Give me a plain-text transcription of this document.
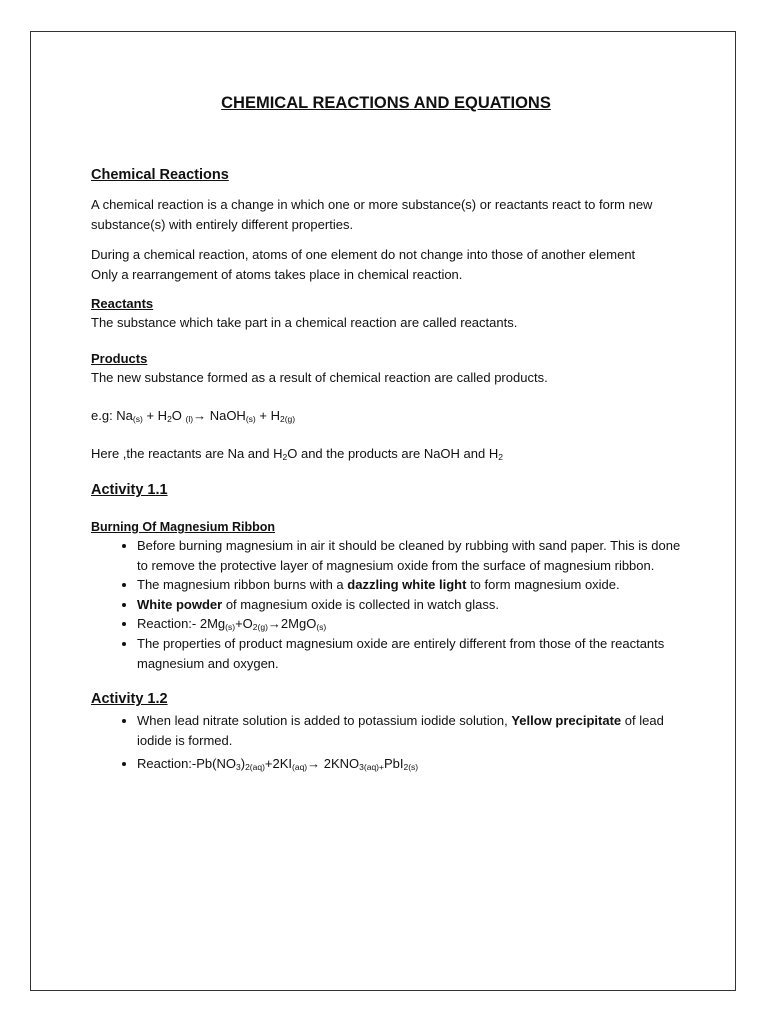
CHEMICAL REACTIONS AND EQUATIONS
Chemical Reactions

A chemical reaction is a change in which one or more substance(s) or reactants react to form new substance(s) with entirely different properties.

During a chemical reaction, atoms of one element do not change into those of another element
Only a rearrangement of atoms takes place in chemical reaction.

Reactants

The substance which take part in a chemical reaction are called reactants.

Products

The new substance formed as a result of chemical reaction are called products.

e.g: $Na_{(s)} + H_2O$ $_{(l)}$→ NaOH$_{(s)}$ + $H_{2(g)}$

Here ,the reactants are Na and $H_2O$ and the products are NaOH and $H_2$

Activity 1.1
Burning Of Magnesium Ribbon
• Before burning magnesium in air it should be cleaned by rubbing with sand paper. This is done to remove the protective layer of magnesium oxide from the surface of magnesium ribbon.
• The magnesium ribbon burns with a dazzling white light to form magnesium oxide.
• White powder of magnesium oxide is collected in watch glass.
• Reaction:- $2Mg_{(s)}+O_{2(g)}\to 2MgO_{(s)}$
• The properties of product magnesium oxide are entirely different from those of the reactants magnesium and oxygen.
Activity 1.2
• When lead nitrate solution is added to potassium iodide solution, Yellow precipitate of lead iodide is formed.
• $Reaction:-Pb(NO_3)_{2(aq)}+2KI_{(aq)}\to 2KNO_{3(aq)+}PbI_{2(s)}$
